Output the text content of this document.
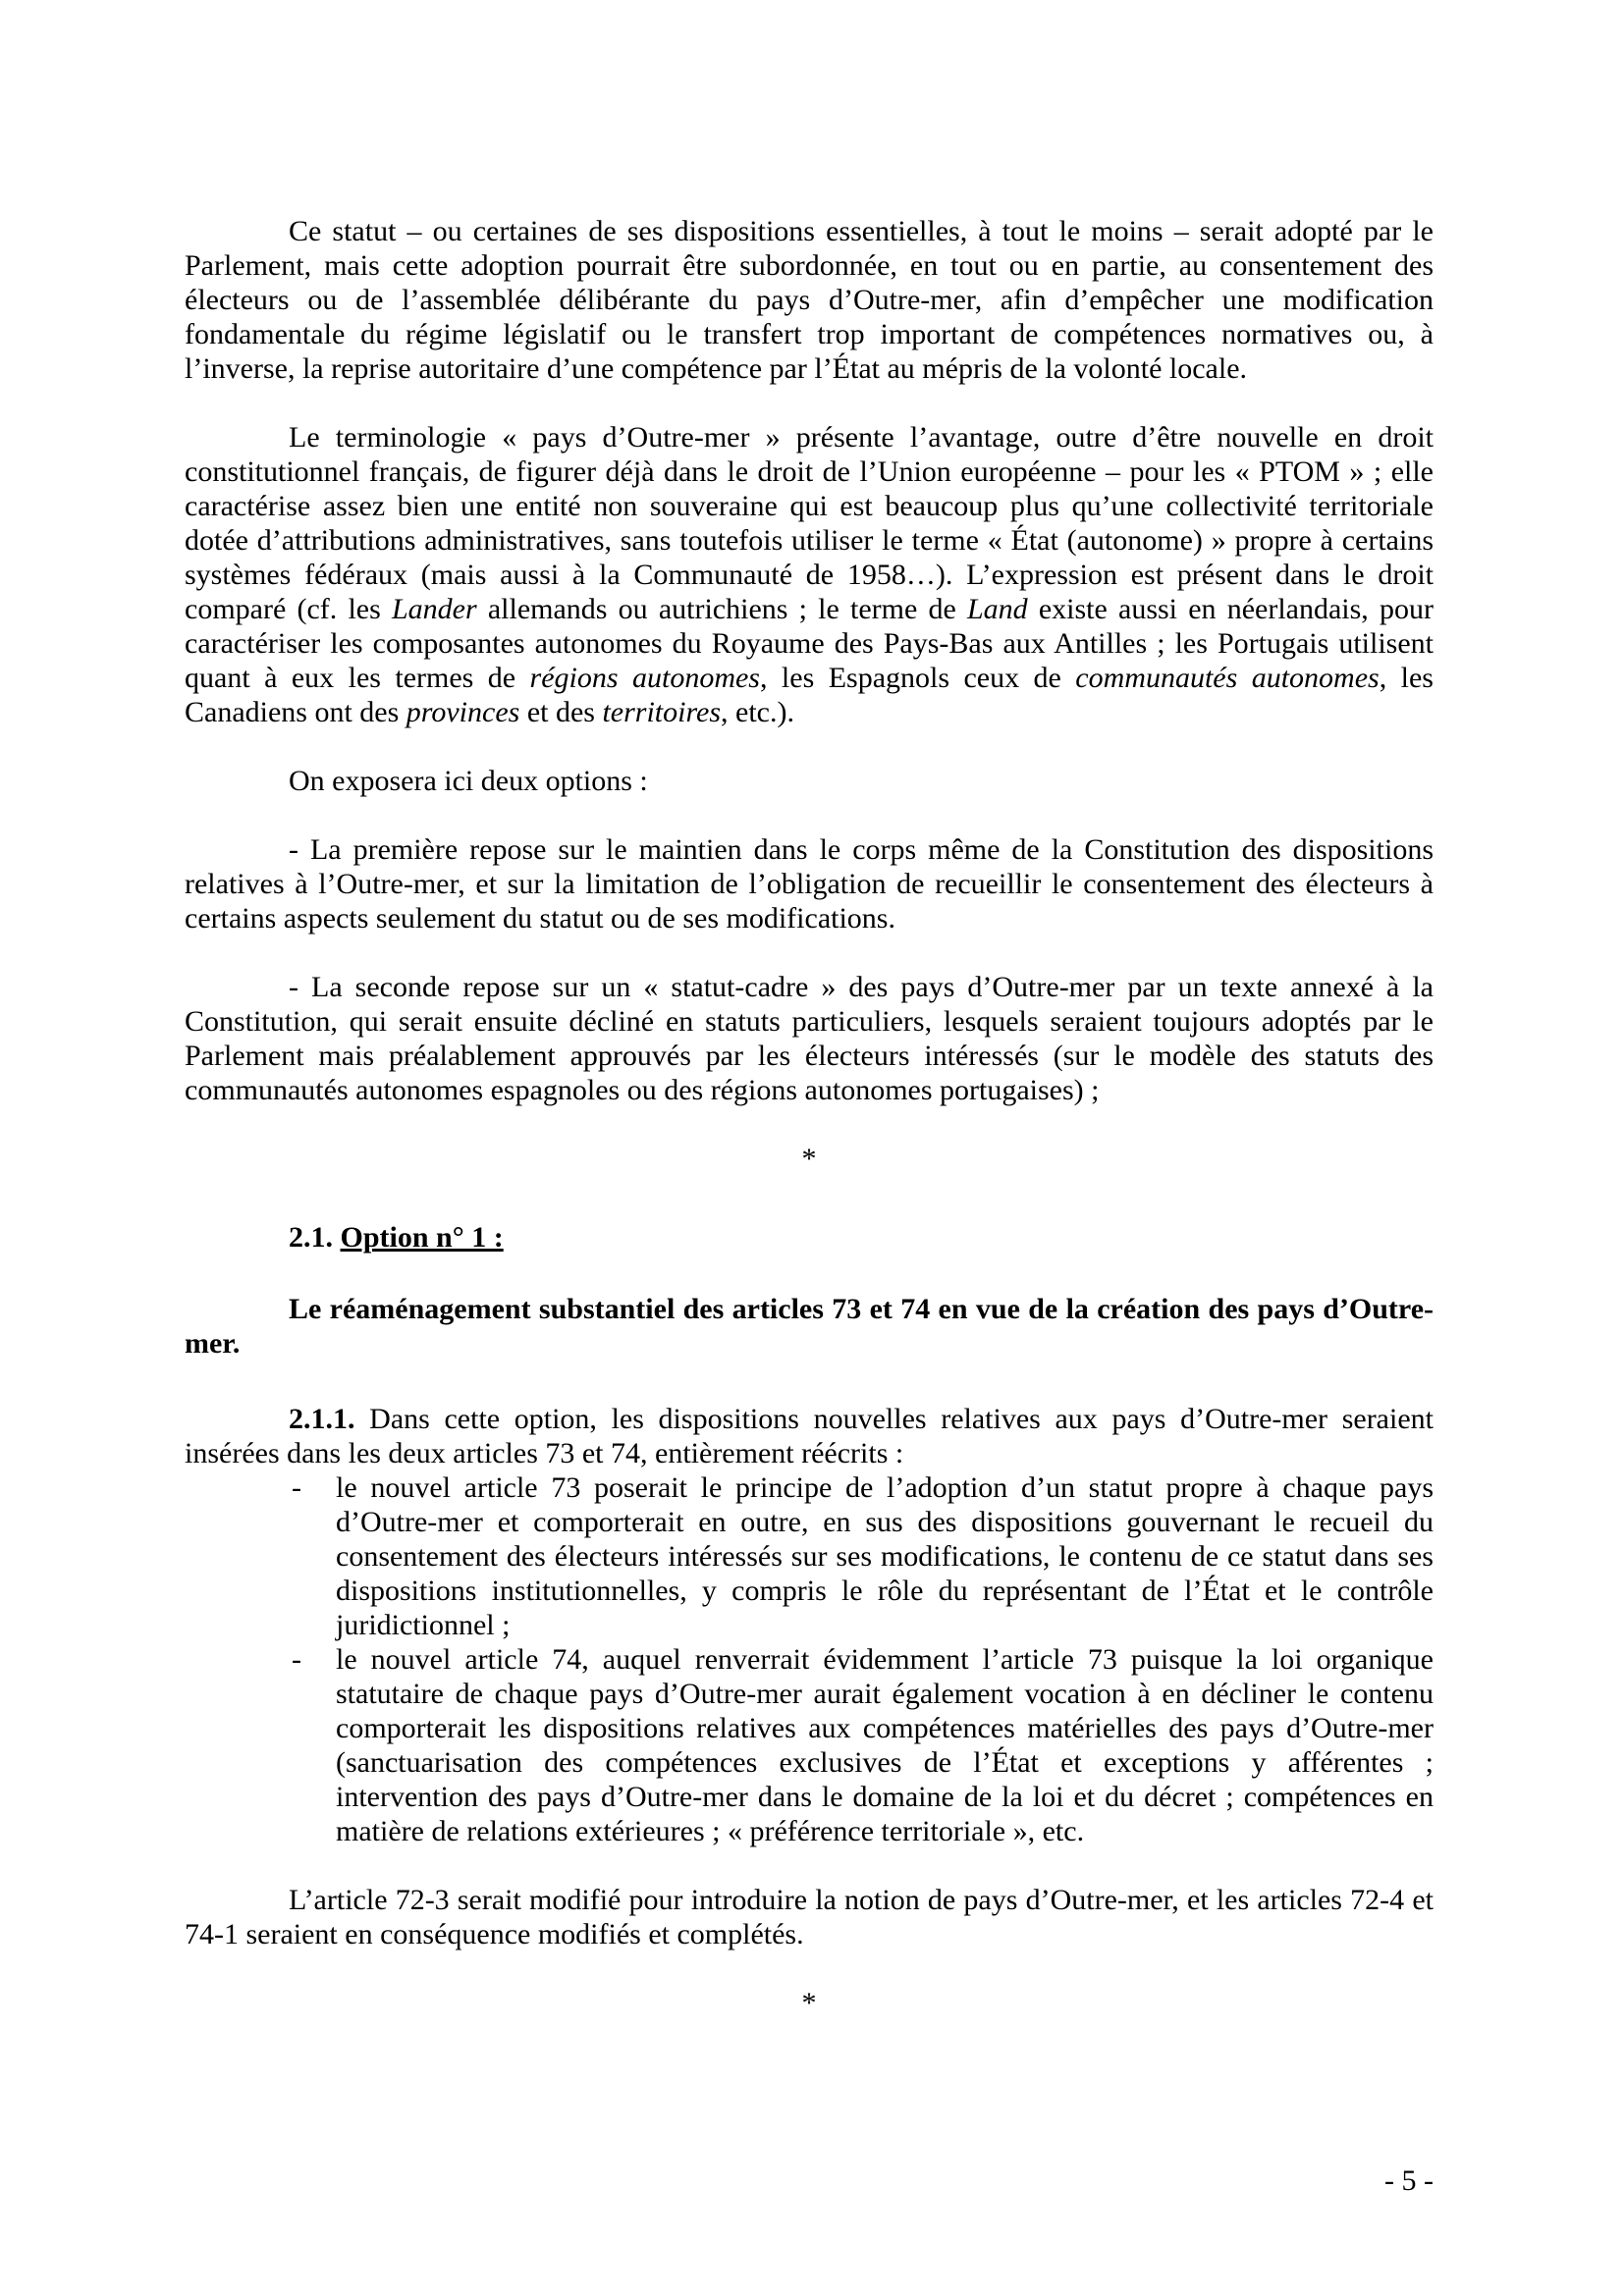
Ce statut – ou certaines de ses dispositions essentielles, à tout le moins – serait adopté par le Parlement, mais cette adoption pourrait être subordonnée, en tout ou en partie, au consentement des électeurs ou de l’assemblée délibérante du pays d’Outre-mer, afin d’empêcher une modification fondamentale du régime législatif ou le transfert trop important de compétences normatives ou, à l’inverse, la reprise autoritaire d’une compétence par l’État au mépris de la volonté locale.

Le terminologie « pays d’Outre-mer » présente l’avantage, outre d’être nouvelle en droit constitutionnel français, de figurer déjà dans le droit de l’Union européenne – pour les « PTOM » ; elle caractérise assez bien une entité non souveraine qui est beaucoup plus qu’une collectivité territoriale dotée d’attributions administratives, sans toutefois utiliser le terme « État (autonome) » propre à certains systèmes fédéraux (mais aussi à la Communauté de 1958…). L’expression est présent dans le droit comparé (cf. les Lander allemands ou autrichiens ; le terme de Land existe aussi en néerlandais, pour caractériser les composantes autonomes du Royaume des Pays-Bas aux Antilles ; les Portugais utilisent quant à eux les termes de régions autonomes, les Espagnols ceux de communautés autonomes, les Canadiens ont des provinces et des territoires, etc.).

On exposera ici deux options :

- La première repose sur le maintien dans le corps même de la Constitution des dispositions relatives à l’Outre-mer, et sur la limitation de l’obligation de recueillir le consentement des électeurs à certains aspects seulement du statut ou de ses modifications.

- La seconde repose sur un « statut-cadre » des pays d’Outre-mer par un texte annexé à la Constitution, qui serait ensuite décliné en statuts particuliers, lesquels seraient toujours adoptés par le Parlement mais préalablement approuvés par les électeurs intéressés (sur le modèle des statuts des communautés autonomes espagnoles ou des régions autonomes portugaises) ;

*

2.1. Option n° 1 :

Le réaménagement substantiel des articles 73 et 74 en vue de la création des pays d’Outre-mer.

2.1.1. Dans cette option, les dispositions nouvelles relatives aux pays d’Outre-mer seraient insérées dans les deux articles 73 et 74, entièrement réécrits :

- le nouvel article 73 poserait le principe de l’adoption d’un statut propre à chaque pays d’Outre-mer et comporterait en outre, en sus des dispositions gouvernant le recueil du consentement des électeurs intéressés sur ses modifications, le contenu de ce statut dans ses dispositions institutionnelles, y compris le rôle du représentant de l’État et le contrôle juridictionnel ;
- le nouvel article 74, auquel renverrait évidemment l’article 73 puisque la loi organique statutaire de chaque pays d’Outre-mer aurait également vocation à en décliner le contenu comporterait les dispositions relatives aux compétences matérielles des pays d’Outre-mer (sanctuarisation des compétences exclusives de l’État et exceptions y afférentes ; intervention des pays d’Outre-mer dans le domaine de la loi et du décret ; compétences en matière de relations extérieures ; « préférence territoriale », etc.

L’article 72-3 serait modifié pour introduire la notion de pays d’Outre-mer, et les articles 72-4 et 74-1 seraient en conséquence modifiés et complétés.

*

- 5 -
